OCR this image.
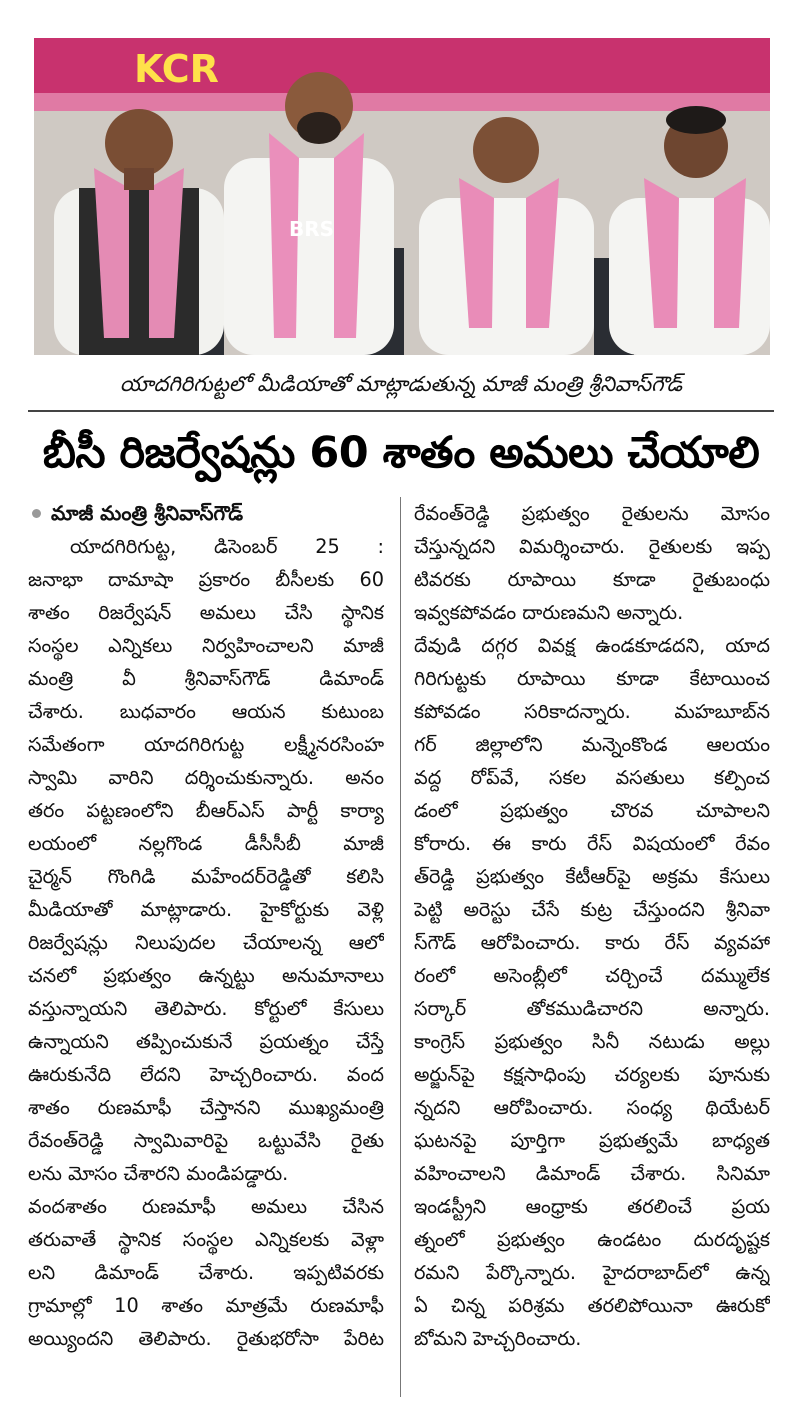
KCR
BRS
యాదగిరిగుట్టలో మీడియాతో మాట్లాడుతున్న మాజీ మంత్రి శ్రీనివాస్‌గౌడ్
బీసీ రిజర్వేషన్లు 60 శాతం అమలు చేయాలి
మాజీ మంత్రి శ్రీనివాస్‌గౌడ్
యాదగిరిగుట్ట, డిసెంబర్ 25 :
జనాభా దామాషా ప్రకారం బీసీలకు 60
శాతం రిజర్వేషన్ అమలు చేసి స్థానిక
సంస్థల ఎన్నికలు నిర్వహించాలని మాజీ
మంత్రి వీ శ్రీనివాస్‌గౌడ్ డిమాండ్
చేశారు. బుధవారం ఆయన కుటుంబ
సమేతంగా యాదగిరిగుట్ట లక్ష్మీనరసింహ
స్వామి వారిని దర్శించుకున్నారు. అనం
తరం పట్టణంలోని బీఆర్ఎస్ పార్టీ కార్యా
లయంలో నల్లగొండ డీసీసీబీ మాజీ
చైర్మన్ గొంగిడి మహేందర్‌రెడ్డితో కలిసి
మీడియాతో మాట్లాడారు. హైకోర్టుకు వెళ్లి
రిజర్వేషన్లు నిలుపుదల చేయాలన్న ఆలో
చనలో ప్రభుత్వం ఉన్నట్టు అనుమానాలు
వస్తున్నాయని తెలిపారు. కోర్టులో కేసులు
ఉన్నాయని తప్పించుకునే ప్రయత్నం చేస్తే
ఊరుకునేది లేదని హెచ్చరించారు. వంద
శాతం రుణమాఫీ చేస్తానని ముఖ్యమంత్రి
రేవంత్‌రెడ్డి స్వామివారిపై ఒట్టువేసి రైతు
లను మోసం చేశారని మండిపడ్డారు.
వందశాతం రుణమాఫీ అమలు చేసిన
తరువాతే స్థానిక సంస్థల ఎన్నికలకు వెళ్లా
లని డిమాండ్ చేశారు. ఇప్పటివరకు
గ్రామాల్లో 10 శాతం మాత్రమే రుణమాఫీ
అయ్యిందని తెలిపారు. రైతుభరోసా పేరిట
రేవంత్‌రెడ్డి ప్రభుత్వం రైతులను మోసం
చేస్తున్నదని విమర్శించారు. రైతులకు ఇప్ప
టివరకు రూపాయి కూడా రైతుబంధు
ఇవ్వకపోవడం దారుణమని అన్నారు.
దేవుడి దగ్గర వివక్ష ఉండకూడదని, యాద
గిరిగుట్టకు రూపాయి కూడా కేటాయించ
కపోవడం సరికాదన్నారు. మహబూబ్‌న
గర్ జిల్లాలోని మన్నెంకొండ ఆలయం
వద్ద రోప్‌వే, సకల వసతులు కల్పించ
డంలో ప్రభుత్వం చొరవ చూపాలని
కోరారు. ఈ కారు రేస్ విషయంలో రేవం
త్‌రెడ్డి ప్రభుత్వం కేటీఆర్‌పై అక్రమ కేసులు
పెట్టి అరెస్టు చేసే కుట్ర చేస్తుందని శ్రీనివా
స్‌గౌడ్ ఆరోపించారు. కారు రేస్ వ్యవహా
రంలో అసెంబ్లీలో చర్చించే దమ్ములేక
సర్కార్ తోకముడిచారని అన్నారు.
కాంగ్రెస్ ప్రభుత్వం సినీ నటుడు అల్లు
అర్జున్‌పై కక్షసాధింపు చర్యలకు పూనుకు
న్నదని ఆరోపించారు. సంధ్య థియేటర్
ఘటనపై పూర్తిగా ప్రభుత్వమే బాధ్యత
వహించాలని డిమాండ్ చేశారు. సినిమా
ఇండస్ట్రీని ఆంధ్రాకు తరలించే ప్రయ
త్నంలో ప్రభుత్వం ఉండటం దురదృష్టక
రమని పేర్కొన్నారు. హైదరాబాద్‌లో ఉన్న
ఏ చిన్న పరిశ్రమ తరలిపోయినా ఊరుకో
బోమని హెచ్చరించారు.
